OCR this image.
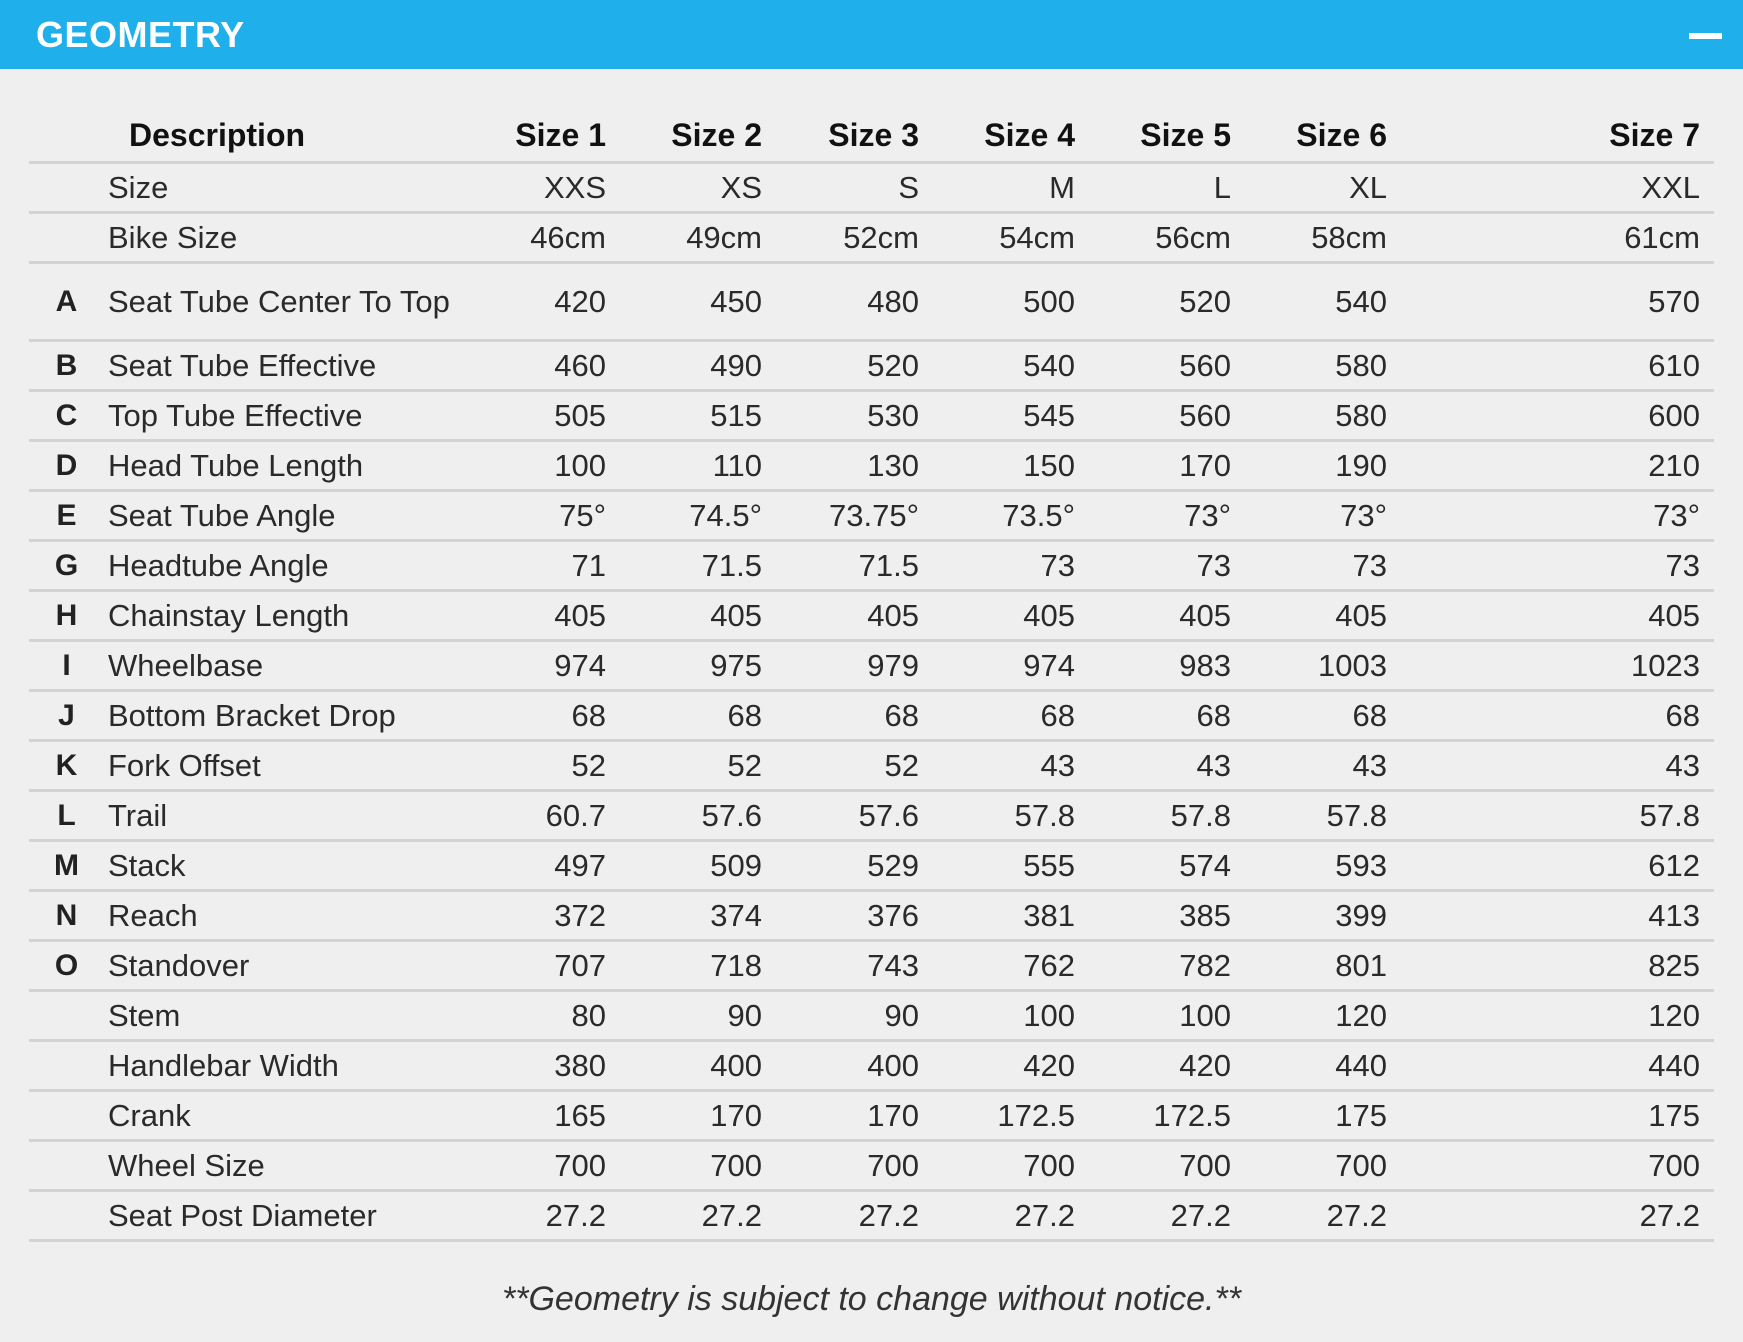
GEOMETRY
Description		Size 1	Size 2	Size 3	Size 4	Size 5	Size 6	Size 7
	Size	XXS	XS	S	M	L	XL	XXL
	Bike Size	46cm	49cm	52cm	54cm	56cm	58cm	61cm
A	Seat Tube Center To Top	420	450	480	500	520	540	570
B	Seat Tube Effective	460	490	520	540	560	580	610
C	Top Tube Effective	505	515	530	545	560	580	600
D	Head Tube Length	100	110	130	150	170	190	210
E	Seat Tube Angle	75°	74.5°	73.75°	73.5°	73°	73°	73°
G	Headtube Angle	71	71.5	71.5	73	73	73	73
H	Chainstay Length	405	405	405	405	405	405	405
I	Wheelbase	974	975	979	974	983	1003	1023
J	Bottom Bracket Drop	68	68	68	68	68	68	68
K	Fork Offset	52	52	52	43	43	43	43
L	Trail	60.7	57.6	57.6	57.8	57.8	57.8	57.8
M	Stack	497	509	529	555	574	593	612
N	Reach	372	374	376	381	385	399	413
O	Standover	707	718	743	762	782	801	825
	Stem	80	90	90	100	100	120	120
	Handlebar Width	380	400	400	420	420	440	440
	Crank	165	170	170	172.5	172.5	175	175
	Wheel Size	700	700	700	700	700	700	700
	Seat Post Diameter	27.2	27.2	27.2	27.2	27.2	27.2	27.2
**Geometry is subject to change without notice.**
